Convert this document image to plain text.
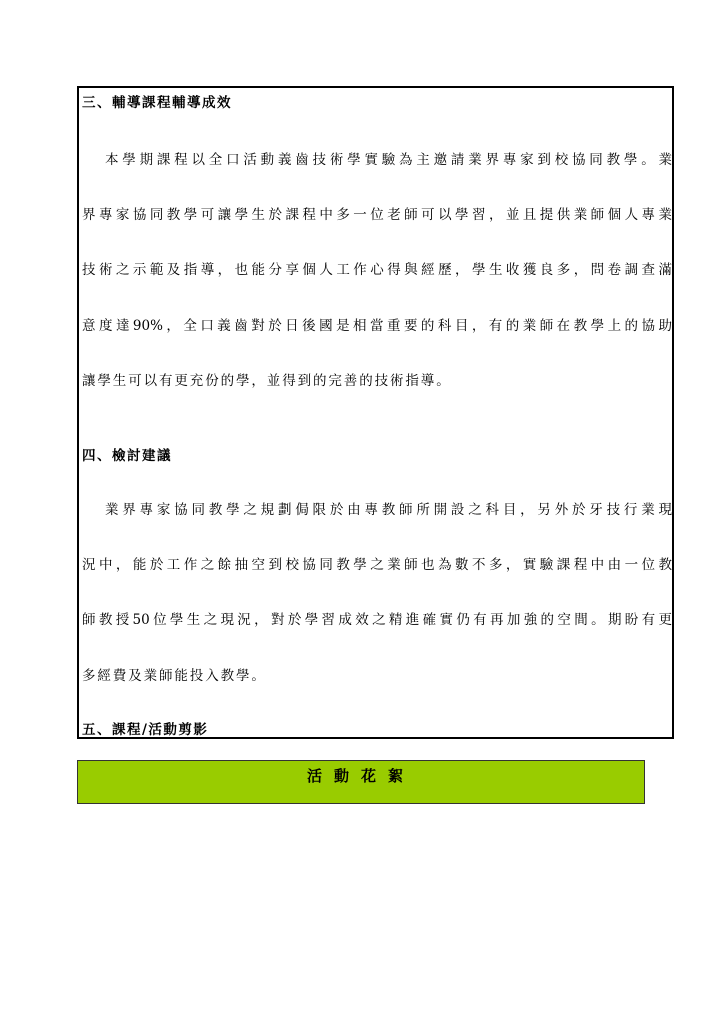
三、輔導課程輔導成效
本學期課程以全口活動義齒技術學實驗為主邀請業界專家到校協同教學。業
界專家協同教學可讓學生於課程中多一位老師可以學習，並且提供業師個人專業
技術之示範及指導，也能分享個人工作心得與經歷，學生收獲良多，問卷調查滿
意度達90%，全口義齒對於日後國是相當重要的科目，有的業師在教學上的協助
讓學生可以有更充份的學，並得到的完善的技術指導。
四、檢討建議
業界專家協同教學之規劃侷限於由專教師所開設之科目，另外於牙技行業現
況中，能於工作之餘抽空到校協同教學之業師也為數不多，實驗課程中由一位教
師教授50位學生之現況，對於學習成效之精進確實仍有再加強的空間。期盼有更
多經費及業師能投入教學。
五、課程/活動剪影
活動花絮
